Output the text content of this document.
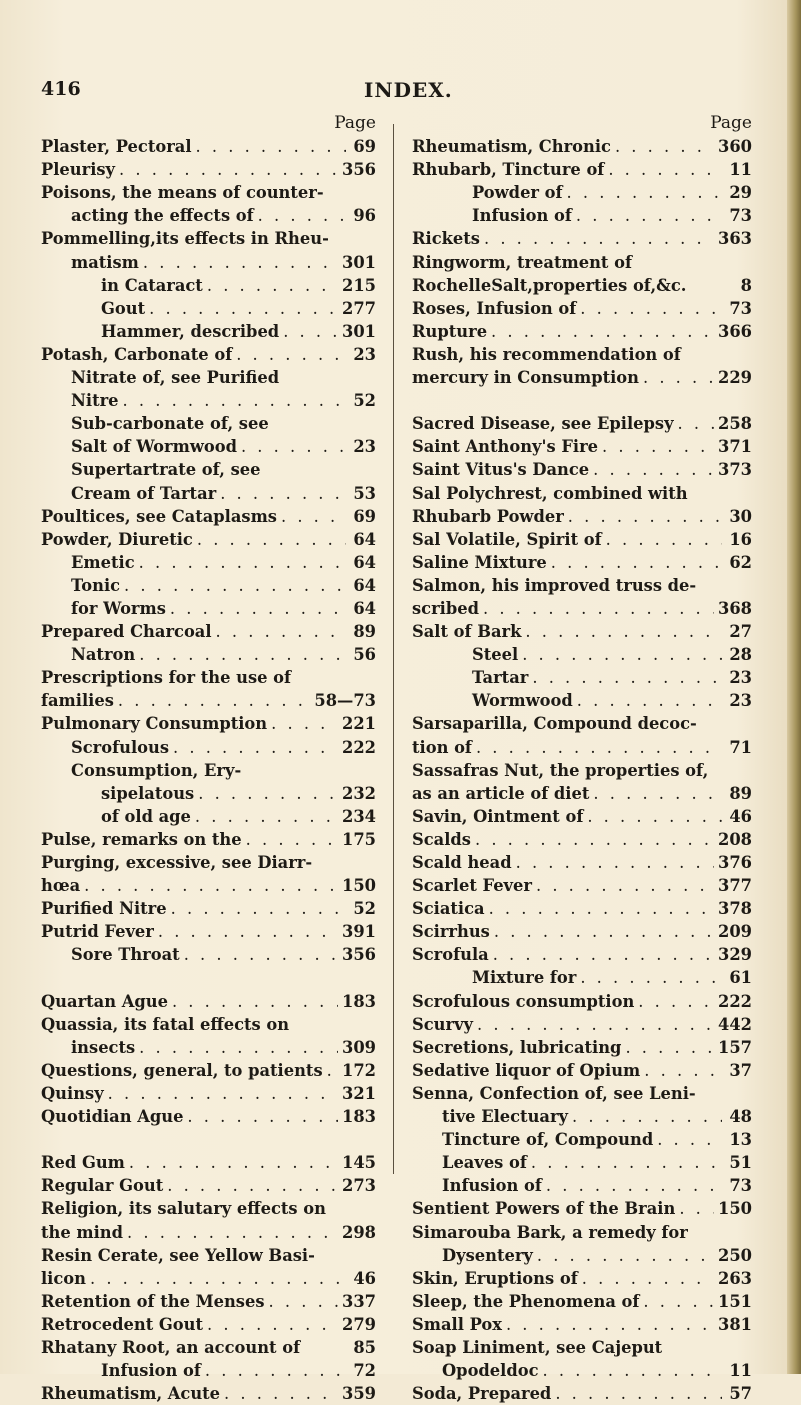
416	INDEX.
Page
Plaster, Pectoral . . .	69
Pleurisy . . .	356
Poisons, the means of counter-
acting the effects of . . .	96
Pommelling,its effects in Rheu-
matism . . .	301
in Cataract . . .	215
Gout . . .	277
Hammer, described . . .	301
Potash, Carbonate of . . .	23
Nitrate of, see Purified
Nitre . . .	52
Sub-carbonate of, see
Salt of Wormwood . . .	23
Supertartrate of, see
Cream of Tartar . . .	53
Poultices, see Cataplasms . . .	69
Powder, Diuretic . . .	64
Emetic . . .	64
Tonic . . .	64
for Worms . . .	64
Prepared Charcoal . . .	89
Natron . . .	56
Prescriptions for the use of
families . . .	58—73
Pulmonary Consumption . . .	221
Scrofulous . . .	222
Consumption, Ery-
sipelatous . . .	232
of old age . . .	234
Pulse, remarks on the . . .	175
Purging, excessive, see Diarr-
hœa . . .	150
Purified Nitre . . .	52
Putrid Fever . . .	391
Sore Throat . . .	356
Quartan Ague . . .	183
Quassia, its fatal effects on
insects . . .	309
Questions, general, to patients . . . 172
Quinsy . . .	321
Quotidian Ague . . .	183
Red Gum . . .	145
Regular Gout . . .	273
Religion, its salutary effects on
the mind . . .	298
Resin Cerate, see Yellow Basi-
licon . . .	46
Retention of the Menses . . .	337
Retrocedent Gout . . .	279
Rhatany Root, an account of	85
Infusion of . . .	72
Rheumatism, Acute . . .	359
Page
Rheumatism, Chronic . . .	360
Rhubarb, Tincture of . . .	11
Powder of . . .	29
Infusion of . . .	73
Rickets . . .	363
Ringworm, treatment of
RochelleSalt,properties of,&c.	8
Roses, Infusion of . . .	73
Rupture . . .	366
Rush, his recommendation of
mercury in Consumption . . .	229
Sacred Disease, see Epilepsy . . .	258
Saint Anthony's Fire . . .	371
Saint Vitus's Dance . . .	373
Sal Polychrest, combined with
Rhubarb Powder . . .	30
Sal Volatile, Spirit of . . .	16
Saline Mixture . . .	62
Salmon, his improved truss de-
scribed . . .	368
Salt of Bark . . .	27
Steel . . .	28
Tartar . . .	23
Wormwood . . .	23
Sarsaparilla, Compound decoc-
tion of . . .	71
Sassafras Nut, the properties of,
as an article of diet . . .	89
Savin, Ointment of . . .	46
Scalds . . .	208
Scald head . . .	376
Scarlet Fever . . .	377
Sciatica . . .	378
Scirrhus . . .	209
Scrofula . . .	329
Mixture for . . .	61
Scrofulous consumption . . .	222
Scurvy . . .	442
Secretions, lubricating . . .	157
Sedative liquor of Opium . . .	37
Senna, Confection of, see Leni-
tive Electuary . . .	48
Tincture of, Compound . . .	13
Leaves of . . .	51
Infusion of . . .	73
Sentient Powers of the Brain . . .	150
Simarouba Bark, a remedy for
Dysentery . . .	250
Skin, Eruptions of . . .	263
Sleep, the Phenomena of . . .	151
Small Pox . . .	381
Soap Liniment, see Cajeput
Opodeldoc . . .	11
Soda, Prepared . . .	57
